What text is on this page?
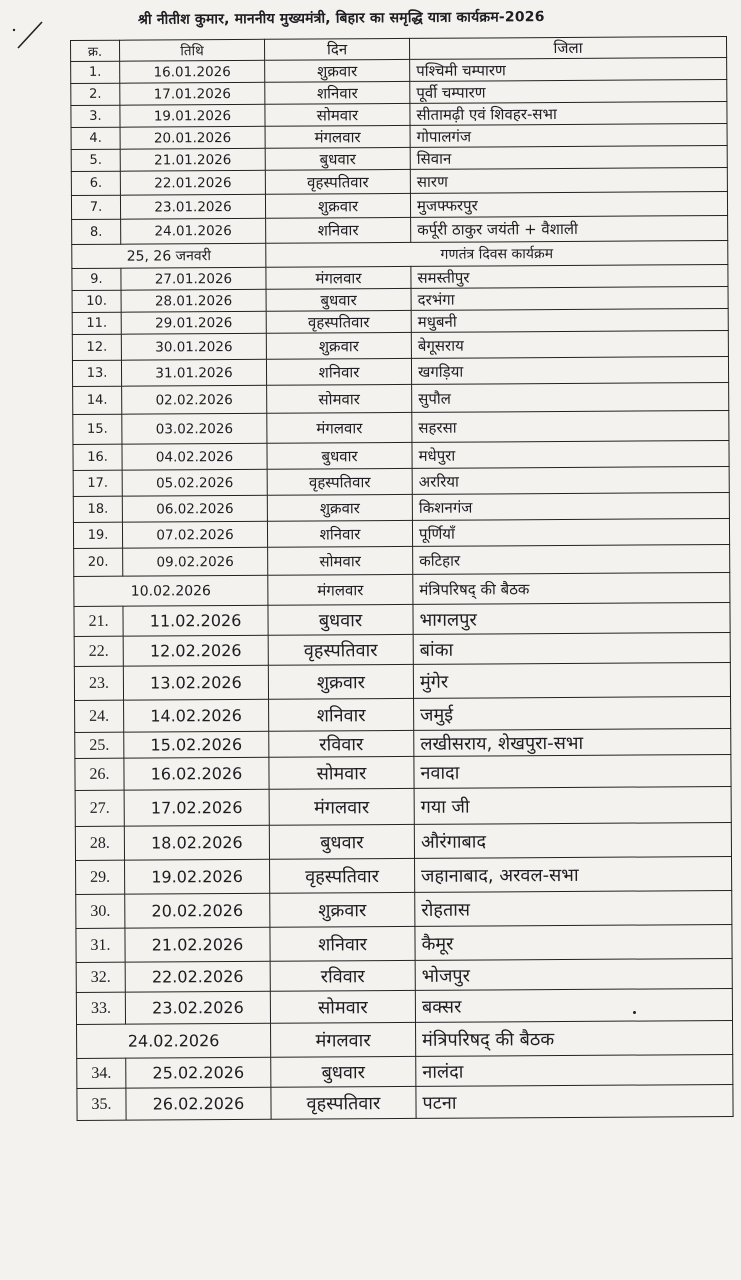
श्री नीतीश कुमार, माननीय मुख्यमंत्री, बिहार का समृद्धि यात्रा कार्यक्रम-2026
क्र.	तिथि	दिन	जिला
1.	16.01.2026	शुक्रवार	पश्चिमी चम्पारण
2.	17.01.2026	शनिवार	पूर्वी चम्पारण
3.	19.01.2026	सोमवार	सीतामढ़ी एवं शिवहर-सभा
4.	20.01.2026	मंगलवार	गोपालगंज
5.	21.01.2026	बुधवार	सिवान
6.	22.01.2026	वृहस्पतिवार	सारण
7.	23.01.2026	शुक्रवार	मुजफ्फरपुर
8.	24.01.2026	शनिवार	कर्पूरी ठाकुर जयंती + वैशाली
25, 26 जनवरी		गणतंत्र दिवस कार्यक्रम	
9.	27.01.2026	मंगलवार	समस्तीपुर
10.	28.01.2026	बुधवार	दरभंगा
11.	29.01.2026	वृहस्पतिवार	मधुबनी
12.	30.01.2026	शुक्रवार	बेगूसराय
13.	31.01.2026	शनिवार	खगड़िया
14.	02.02.2026	सोमवार	सुपौल
15.	03.02.2026	मंगलवार	सहरसा
16.	04.02.2026	बुधवार	मधेपुरा
17.	05.02.2026	वृहस्पतिवार	अररिया
18.	06.02.2026	शुक्रवार	किशनगंज
19.	07.02.2026	शनिवार	पूर्णियाँ
20.	09.02.2026	सोमवार	कटिहार
10.02.2026		मंगलवार	मंत्रिपरिषद् की बैठक
21.	11.02.2026	बुधवार	भागलपुर
22.	12.02.2026	वृहस्पतिवार	बांका
23.	13.02.2026	शुक्रवार	मुंगेर
24.	14.02.2026	शनिवार	जमुई
25.	15.02.2026	रविवार	लखीसराय, शेखपुरा-सभा
26.	16.02.2026	सोमवार	नवादा
27.	17.02.2026	मंगलवार	गया जी
28.	18.02.2026	बुधवार	औरंगाबाद
29.	19.02.2026	वृहस्पतिवार	जहानाबाद, अरवल-सभा
30.	20.02.2026	शुक्रवार	रोहतास
31.	21.02.2026	शनिवार	कैमूर
32.	22.02.2026	रविवार	भोजपुर
33.	23.02.2026	सोमवार	बक्सर
24.02.2026		मंगलवार	मंत्रिपरिषद् की बैठक
34.	25.02.2026	बुधवार	नालंदा
35.	26.02.2026	वृहस्पतिवार	पटना
